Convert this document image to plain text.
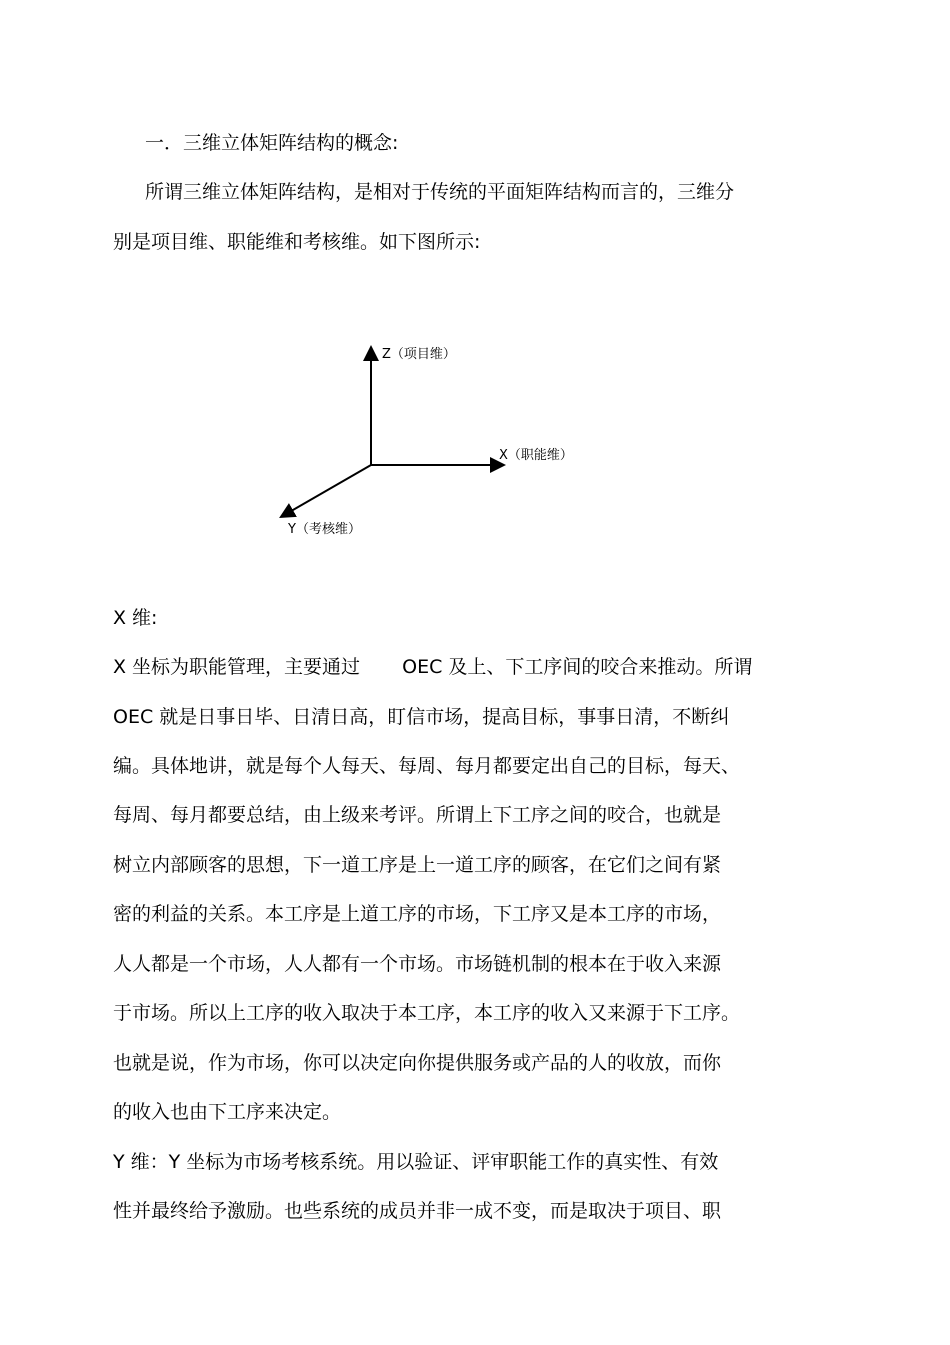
一．三维立体矩阵结构的概念:
所谓三维立体矩阵结构，是相对于传统的平面矩阵结构而言的，三维分
别是项目维、职能维和考核维。如下图所示:
Z（项目维）
X（职能维）
Y（考核维）
X 维:
X 坐标为职能管理，主要通过 OEC 及上、下工序间的咬合来推动。所谓
OEC 就是日事日毕、日清日高，盯信市场，提高目标，事事日清，不断纠
编。具体地讲，就是每个人每天、每周、每月都要定出自己的目标，每天、
每周、每月都要总结，由上级来考评。所谓上下工序之间的咬合，也就是
树立内部顾客的思想，下一道工序是上一道工序的顾客，在它们之间有紧
密的利益的关系。本工序是上道工序的市场，下工序又是本工序的市场，
人人都是一个市场，人人都有一个市场。市场链机制的根本在于收入来源
于市场。所以上工序的收入取决于本工序，本工序的收入又来源于下工序。
也就是说，作为市场，你可以决定向你提供服务或产品的人的收放，而你
的收入也由下工序来决定。
Y 维：Y 坐标为市场考核系统。用以验证、评审职能工作的真实性、有效
性并最终给予激励。也些系统的成员并非一成不变，而是取决于项目、职
